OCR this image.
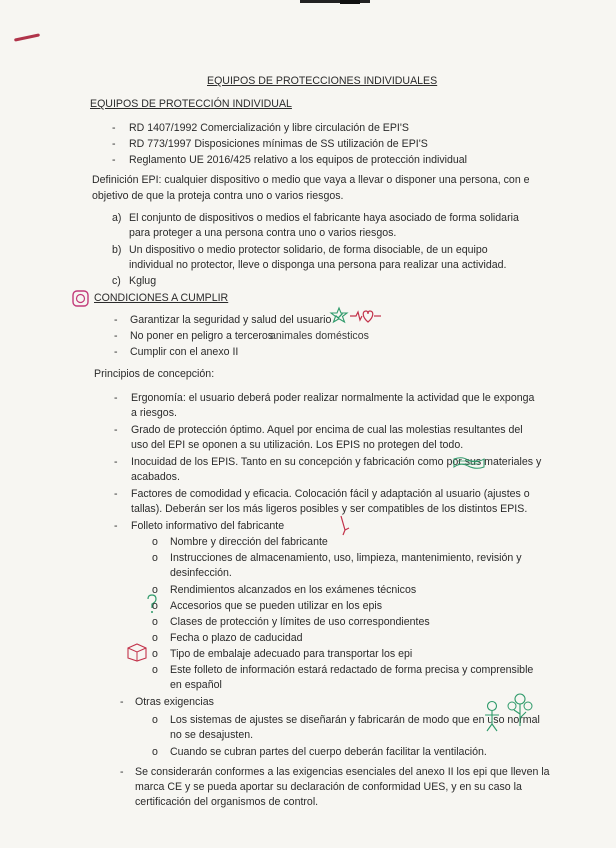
EQUIPOS DE PROTECCIONES INDIVIDUALES
EQUIPOS DE PROTECCIÓN INDIVIDUAL
- RD 1407/1992 Comercialización y libre circulación de EPI'S
- RD 773/1997 Disposiciones mínimas de SS utilización de EPI'S
- Reglamento UE 2016/425 relativo a los equipos de protección individual
Definición EPI: cualquier dispositivo o medio que vaya a llevar o disponer una persona, con e
objetivo de que la proteja contra uno o varios riesgos.
a) El conjunto de dispositivos o medios el fabricante haya asociado de forma solidaria
para proteger a una persona contra uno o varios riesgos.
b) Un dispositivo o medio protector solidario, de forma disociable, de un equipo
individual no protector, lleve o disponga una persona para realizar una actividad.
c) Kglug
CONDICIONES A CUMPLIR
- Garantizar la seguridad y salud del usuario
- No poner en peligro a terceros
animales domésticos
- Cumplir con el anexo II
Principios de concepción:
- Ergonomía: el usuario deberá poder realizar normalmente la actividad que le exponga
a riesgos.
- Grado de protección óptimo. Aquel por encima de cual las molestias resultantes del
uso del EPI se oponen a su utilización. Los EPIS no protegen del todo.
- Inocuidad de los EPIS. Tanto en su concepción y fabricación como por sus materiales y
acabados.
- Factores de comodidad y eficacia. Colocación fácil y adaptación al usuario (ajustes o
tallas). Deberán ser los más ligeros posibles y ser compatibles de los distintos EPIS.
- Folleto informativo del fabricante
o Nombre y dirección del fabricante
o Instrucciones de almacenamiento, uso, limpieza, mantenimiento, revisión y
desinfección.
o Rendimientos alcanzados en los exámenes técnicos
o Accesorios que se pueden utilizar en los epis
o Clases de protección y límites de uso correspondientes
o Fecha o plazo de caducidad
o Tipo de embalaje adecuado para transportar los epi
o Este folleto de información estará redactado de forma precisa y comprensible
en español
- Otras exigencias
o Los sistemas de ajustes se diseñarán y fabricarán de modo que en uso normal
no se desajusten.
o Cuando se cubran partes del cuerpo deberán facilitar la ventilación.
- Se considerarán conformes a las exigencias esenciales del anexo II los epi que lleven la
marca CE y se pueda aportar su declaración de conformidad UES, y en su caso la
certificación del organismos de control.
